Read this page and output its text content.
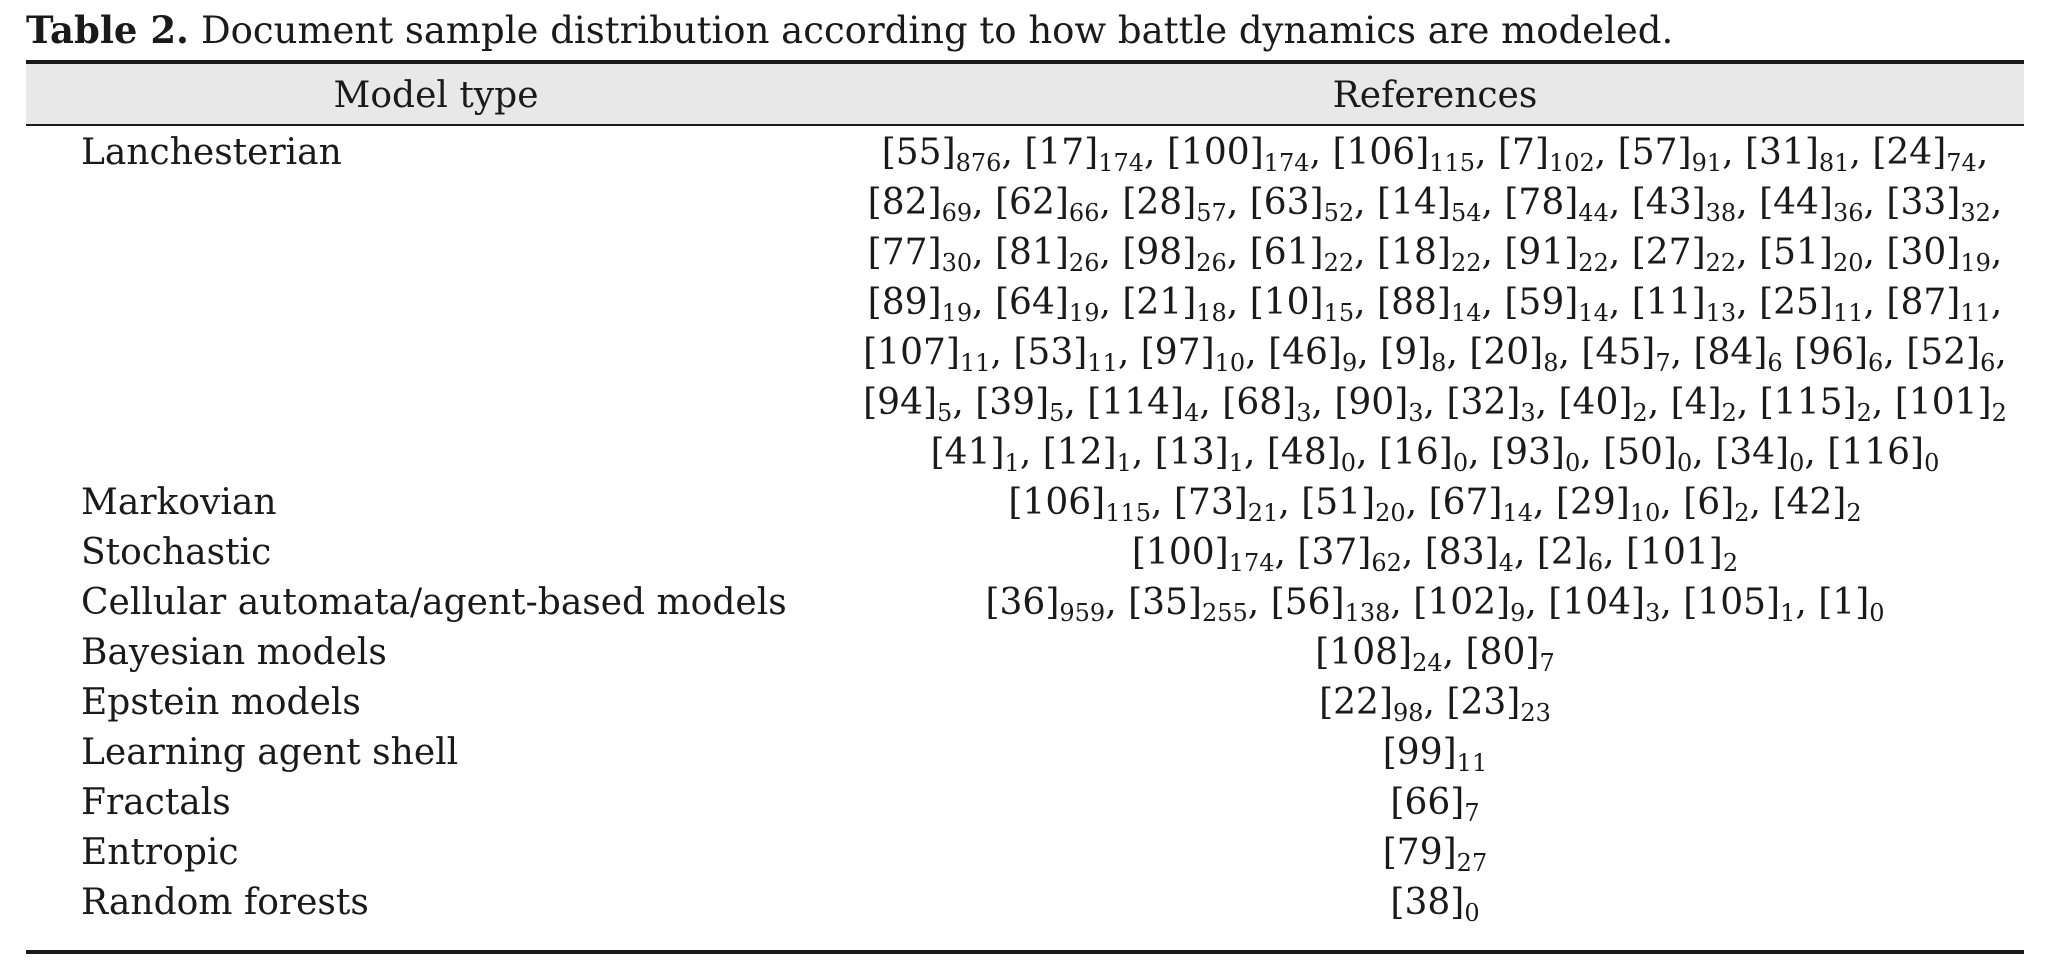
Table 2. Document sample distribution according to how battle dynamics are modeled.
Model type	References
Lanchesterian	$[55]_{876}$, $[17]_{174}$, $[100]_{174}$, $[106]_{115}$, $[7]_{102}$, $[57]_{91}$, $[31]_{81}$, $[24]_{74}$,
$[82]_{69}$, $[62]_{66}$, $[28]_{57}$, $[63]_{52}$, $[14]_{54}$, $[78]_{44}$, $[43]_{38}$, $[44]_{36}$, $[33]_{32}$,
$[77]_{30}$, $[81]_{26}$, $[98]_{26}$, $[61]_{22}$, $[18]_{22}$, $[91]_{22}$, $[27]_{22}$, $[51]_{20}$, $[30]_{19}$,
$[89]_{19}$, $[64]_{19}$, $[21]_{18}$, $[10]_{15}$, $[88]_{14}$, $[59]_{14}$, $[11]_{13}$, $[25]_{11}$, $[87]_{11}$,
$[107]_{11}$, $[53]_{11}$, $[97]_{10}$, $[46]_9$, $[9]_8$, $[20]_8$, $[45]_7$, $[84]_6$ $[96]_6$, $[52]_6$,
$[94]_5$, $[39]_5$, $[114]_4$, $[68]_3$, $[90]_3$, $[32]_3$, $[40]_2$, $[4]_2$, $[115]_2$, $[101]_2$
$[41]_1$, $[12]_1$, $[13]_1$, $[48]_0$, $[16]_0$, $[93]_0$, $[50]_0$, $[34]_0$, $[116]_0$
Markovian	$[106]_{115}$, $[73]_{21}$, $[51]_{20}$, $[67]_{14}$, $[29]_{10}$, $[6]_2$, $[42]_2$
Stochastic	$[100]_{174}$, $[37]_{62}$, $[83]_4$, $[2]_6$, $[101]_2$
Cellular automata/agent-based models	$[36]_{959}$, $[35]_{255}$, $[56]_{138}$, $[102]_9$, $[104]_3$, $[105]_1$, $[1]_0$
Bayesian models	$[108]_{24}$, $[80]_7$
Epstein models	$[22]_{98}$, $[23]_{23}$
Learning agent shell	$[99]_{11}$
Fractals	$[66]_7$
Entropic	$[79]_{27}$
Random forests	$[38]_0$
